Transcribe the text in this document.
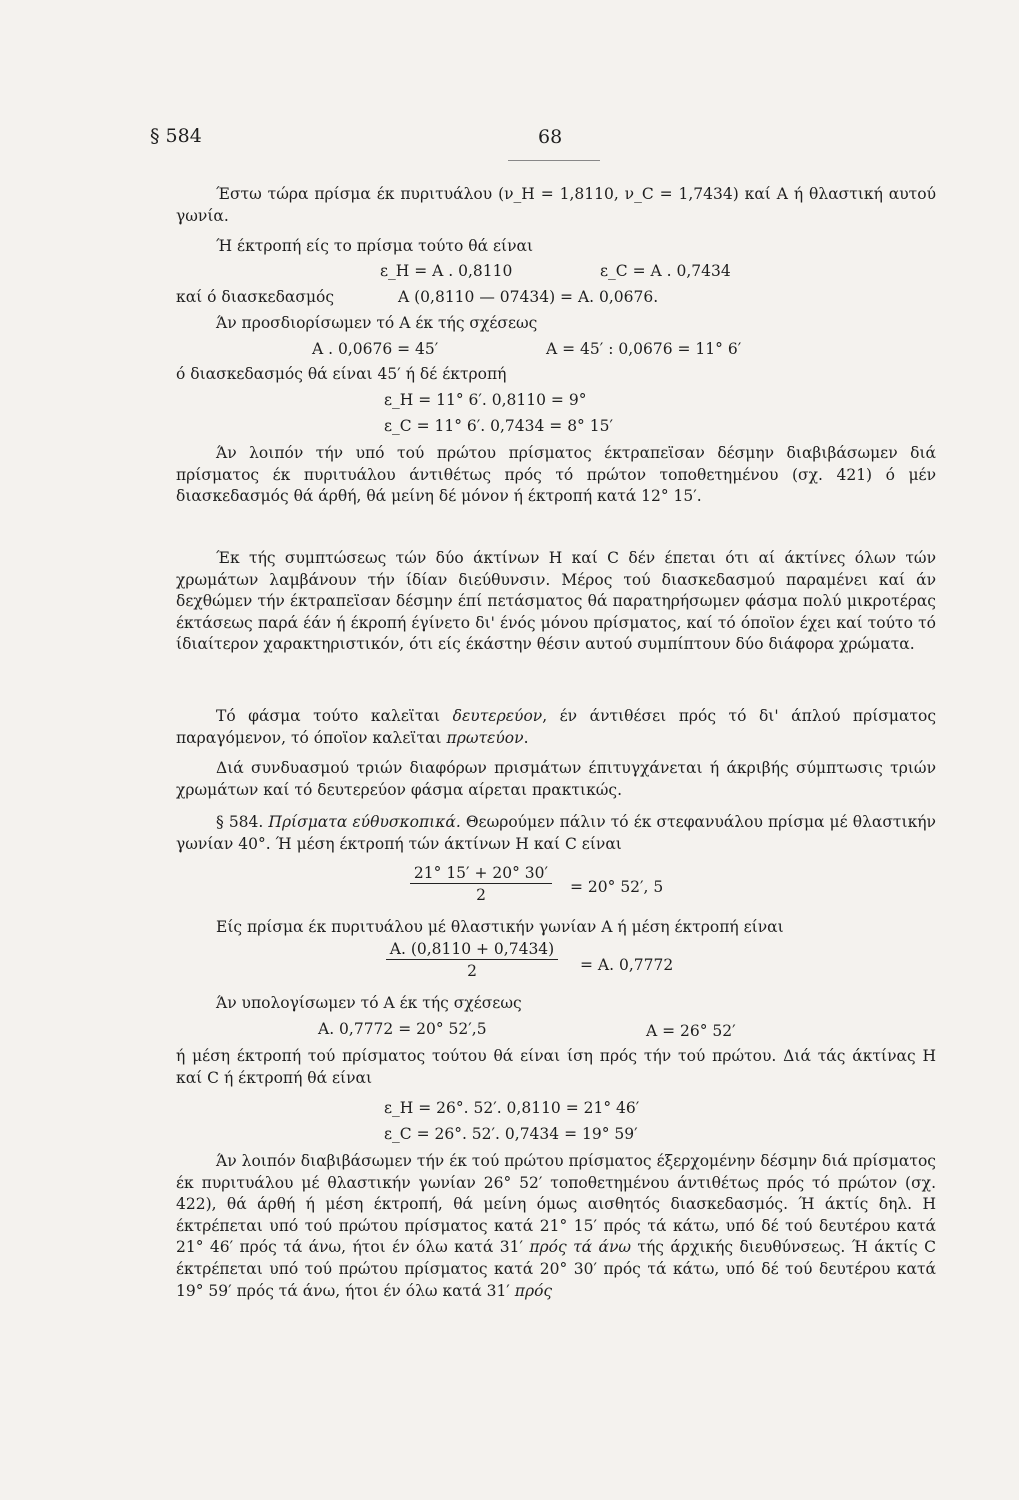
§ 584	68
Έστω τώρα πρίσμα έκ πυριτυάλου (ν_H = 1,8110, ν_C = 1,7434) καί Α ή θλαστική αυτού γωνία.
Ή έκτροπή είς το πρίσμα τούτο θά είναι
ε_H = Α . 0,8110	ε_C = Α . 0,7434
καί ό διασκεδασμός	Α (0,8110 — 07434) = Α. 0,0676.
Άν προσδιορίσωμεν τό Α έκ τής σχέσεως
Α . 0,0676 = 45′	Α = 45′ : 0,0676 = 11° 6′
ό διασκεδασμός θά είναι 45′ ή δέ έκτροπή
ε_H = 11° 6′. 0,8110 = 9°
ε_C = 11° 6′. 0,7434 = 8° 15′
Άν λοιπόν τήν υπό τού πρώτου πρίσματος έκτραπεϊσαν δέσμην διαβιβάσωμεν διά πρίσματος έκ πυριτυάλου άντιθέτως πρός τό πρώτον τοποθετημένου (σχ. 421) ό μέν διασκεδασμός θά άρθή, θά μείνη δέ μόνον ή έκτροπή κατά 12° 15′.
Έκ τής συμπτώσεως τών δύο άκτίνων Η καί C δέν έπεται ότι αί άκτίνες όλων τών χρωμάτων λαμβάνουν τήν ίδίαν διεύθυνσιν. Μέρος τού διασκεδασμού παραμένει καί άν δεχθώμεν τήν έκτραπεϊσαν δέσμην έπί πετάσματος θά παρατηρήσωμεν φάσμα πολύ μικροτέρας έκτάσεως παρά έάν ή έκροπή έγίνετο δι' ένός μόνου πρίσματος, καί τό όποϊον έχει καί τούτο τό ίδιαίτερον χαρακτηριστικόν, ότι είς έκάστην θέσιν αυτού συμπίπτουν δύο διάφορα χρώματα.
Τό φάσμα τούτο καλεϊται δευτερεύον, έν άντιθέσει πρός τό δι' άπλού πρίσματος παραγόμενον, τό όποϊον καλεϊται πρωτεύον.
Διά συνδυασμού τριών διαφόρων πρισμάτων έπιτυγχάνεται ή άκριβής σύμπτωσις τριών χρωμάτων καί τό δευτερεύον φάσμα αίρεται πρακτικώς.
§ 584. Πρίσματα εύθυσκοπικά. Θεωρούμεν πάλιν τό έκ στεφανυάλου πρίσμα μέ θλαστικήν γωνίαν 40°. Ή μέση έκτροπή τών άκτίνων Η καί C είναι
$\frac{21^\circ 15' + 20^\circ 30'}{2} = 20^\circ$ 52′, 5
Είς πρίσμα έκ πυριτυάλου μέ θλαστικήν γωνίαν Α ή μέση έκτροπή είναι
$\frac{A. (0,8110 + 0,7434)}{2} = A$. 0,7772
Άν υπολογίσωμεν τό Α έκ τής σχέσεως
Α. 0,7772 = 20° 52′,5	Α = 26° 52′
ή μέση έκτροπή τού πρίσματος τούτου θά είναι ίση πρός τήν τού πρώτου. Διά τάς άκτίνας Η καί C ή έκτροπή θά είναι
ε_H = 26°. 52′. 0,8110 = 21° 46′
ε_C = 26°. 52′. 0,7434 = 19° 59′
Άν λοιπόν διαβιβάσωμεν τήν έκ τού πρώτου πρίσματος έξερχομένην δέσμην διά πρίσματος έκ πυριτυάλου μέ θλαστικήν γωνίαν 26° 52′ τοποθετημένου άντιθέτως πρός τό πρώτον (σχ. 422), θά άρθή ή μέση έκτροπή, θά μείνη όμως αισθητός διασκεδασμός. Ή άκτίς δηλ. Η έκτρέπεται υπό τού πρώτου πρίσματος κατά 21° 15′ πρός τά κάτω, υπό δέ τού δευτέρου κατά 21° 46′ πρός τά άνω, ήτοι έν όλω κατά 31′ πρός τά άνω τής άρχικής διευθύνσεως. Ή άκτίς C έκτρέπεται υπό τού πρώτου πρίσματος κατά 20° 30′ πρός τά κάτω, υπό δέ τού δευτέρου κατά 19° 59′ πρός τά άνω, ήτοι έν όλω κατά 31′ πρός
